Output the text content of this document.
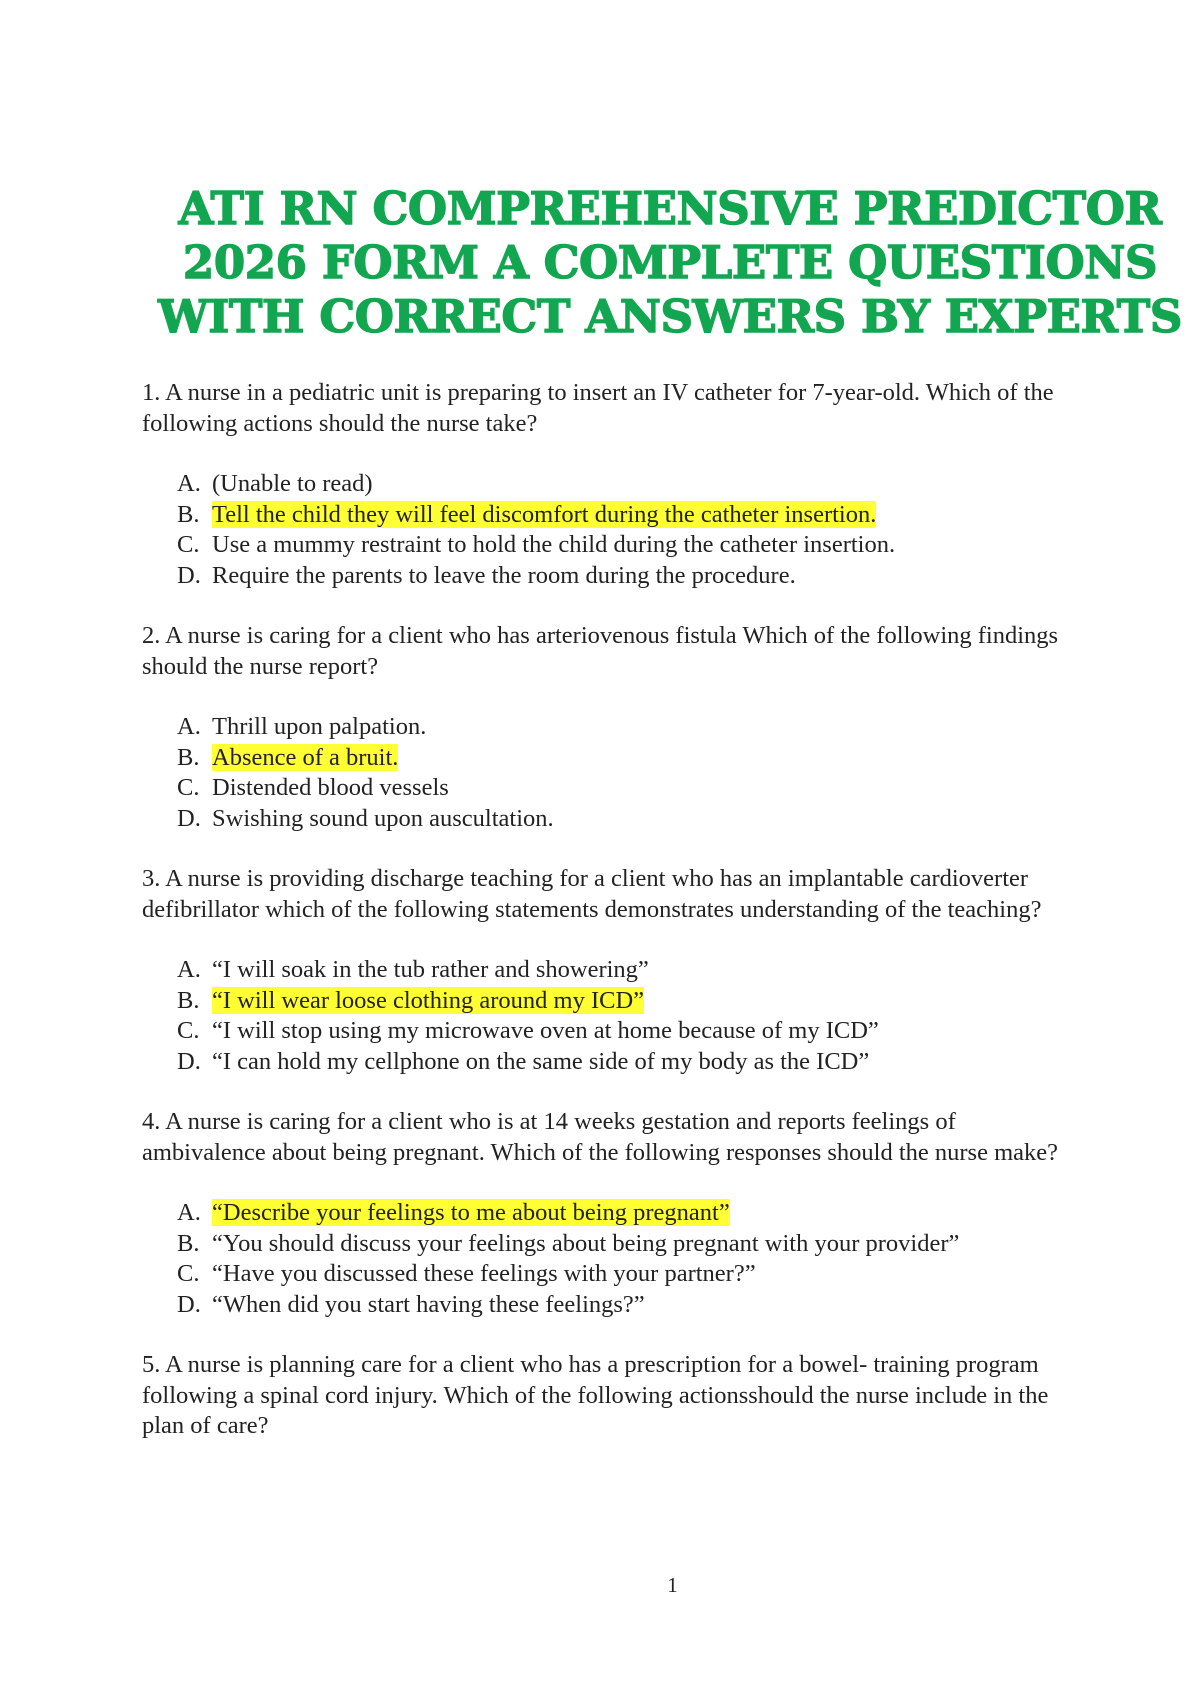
ATI RN COMPREHENSIVE PREDICTOR
2026 FORM A COMPLETE QUESTIONS
WITH CORRECT ANSWERS BY EXPERTS

1. A nurse in a pediatric unit is preparing to insert an IV catheter for 7-year-old. Which of the following actions should the nurse take?

A. (Unable to read)
B. Tell the child they will feel discomfort during the catheter insertion.
C. Use a mummy restraint to hold the child during the catheter insertion.
D. Require the parents to leave the room during the procedure.

2. A nurse is caring for a client who has arteriovenous fistula Which of the following findings should the nurse report?

A. Thrill upon palpation.
B. Absence of a bruit.
C. Distended blood vessels
D. Swishing sound upon auscultation.

3. A nurse is providing discharge teaching for a client who has an implantable cardioverter defibrillator which of the following statements demonstrates understanding of the teaching?

A. “I will soak in the tub rather and showering”
B. “I will wear loose clothing around my ICD”
C. “I will stop using my microwave oven at home because of my ICD”
D. “I can hold my cellphone on the same side of my body as the ICD”

4. A nurse is caring for a client who is at 14 weeks gestation and reports feelings of ambivalence about being pregnant. Which of the following responses should the nurse make?

A. “Describe your feelings to me about being pregnant”
B. “You should discuss your feelings about being pregnant with your provider”
C. “Have you discussed these feelings with your partner?”
D. “When did you start having these feelings?”

5. A nurse is planning care for a client who has a prescription for a bowel- training program following a spinal cord injury. Which of the following actionsshould the nurse include in the plan of care?

1
